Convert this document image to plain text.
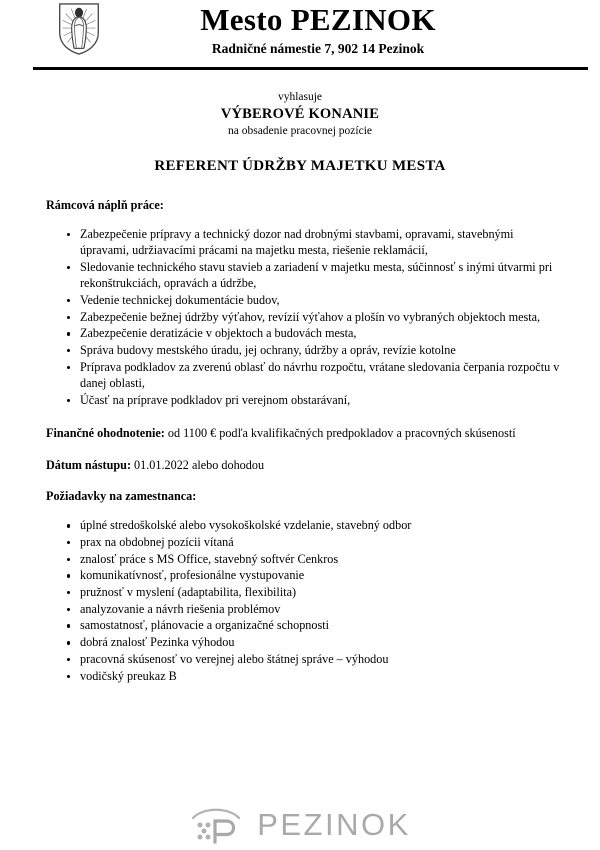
Mesto PEZINOK
Radničné námestie 7, 902 14 Pezinok
vyhlasuje
VÝBEROVÉ KONANIE
na obsadenie pracovnej pozície
REFERENT ÚDRŽBY MAJETKU MESTA
Rámcová náplň práce:
Zabezpečenie prípravy a technický dozor nad drobnými stavbami, opravami, stavebnými úpravami, udržiavacími prácami na majetku mesta, riešenie reklamácií,
Sledovanie technického stavu stavieb a zariadení v majetku mesta, súčinnosť s inými útvarmi pri rekonštrukciách, opravách a údržbe,
Vedenie technickej dokumentácie budov,
Zabezpečenie bežnej údržby výťahov, revízií výťahov a plošín vo vybraných objektoch mesta,
Zabezpečenie deratizácie v objektoch a budovách mesta,
Správa budovy mestského úradu, jej ochrany, údržby a opráv, revízie kotolne
Príprava podkladov za zverenú oblasť do návrhu rozpočtu, vrátane sledovania čerpania rozpočtu v danej oblasti,
Účasť na príprave podkladov pri verejnom obstarávaní,

Finančné ohodnotenie: od 1100 € podľa kvalifikačných predpokladov a pracovných skúseností

Dátum nástupu: 01.01.2022 alebo dohodou

Požiadavky na zamestnanca:
úplné stredoškolské alebo vysokoškolské vzdelanie, stavebný odbor
prax na obdobnej pozícii vítaná
znalosť práce s MS Office, stavebný softvér Cenkros
komunikatívnosť, profesionálne vystupovanie
pružnosť v myslení (adaptabilita, flexibilita)
analyzovanie a návrh riešenia problémov
samostatnosť, plánovacie a organizačné schopnosti
dobrá znalosť Pezinka výhodou
pracovná skúsenosť vo verejnej alebo štátnej správe – výhodou
vodičský preukaz B
PEZINOK
